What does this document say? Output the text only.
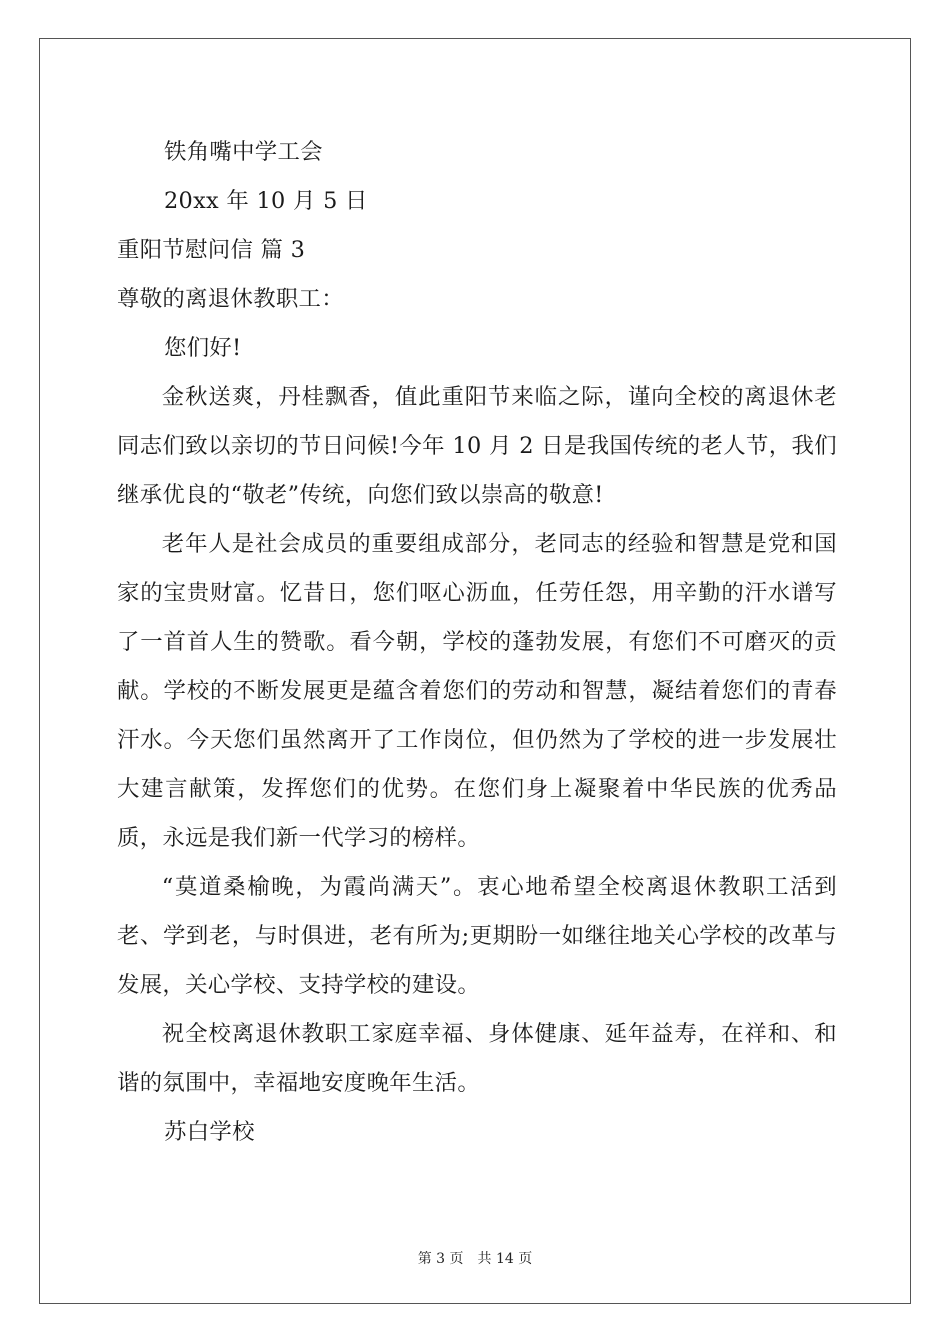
铁角嘴中学工会
20xx 年 10 月 5 日
重阳节慰问信 篇 3
尊敬的离退休教职工：
您们好!

金秋送爽，丹桂飘香，值此重阳节来临之际，谨向全校的离退休老同志们致以亲切的节日问候!今年 10 月 2 日是我国传统的老人节，我们继承优良的“敬老”传统，向您们致以崇高的敬意!

老年人是社会成员的重要组成部分，老同志的经验和智慧是党和国家的宝贵财富。忆昔日，您们呕心沥血，任劳任怨，用辛勤的汗水谱写了一首首人生的赞歌。看今朝，学校的蓬勃发展，有您们不可磨灭的贡献。学校的不断发展更是蕴含着您们的劳动和智慧，凝结着您们的青春汗水。今天您们虽然离开了工作岗位，但仍然为了学校的进一步发展壮大建言献策，发挥您们的优势。在您们身上凝聚着中华民族的优秀品质，永远是我们新一代学习的榜样。

“莫道桑榆晚，为霞尚满天”。衷心地希望全校离退休教职工活到老、学到老，与时俱进，老有所为;更期盼一如继往地关心学校的改革与发展，关心学校、支持学校的建设。

祝全校离退休教职工家庭幸福、身体健康、延年益寿，在祥和、和谐的氛围中，幸福地安度晚年生活。

苏白学校
第 3 页 共 14 页
